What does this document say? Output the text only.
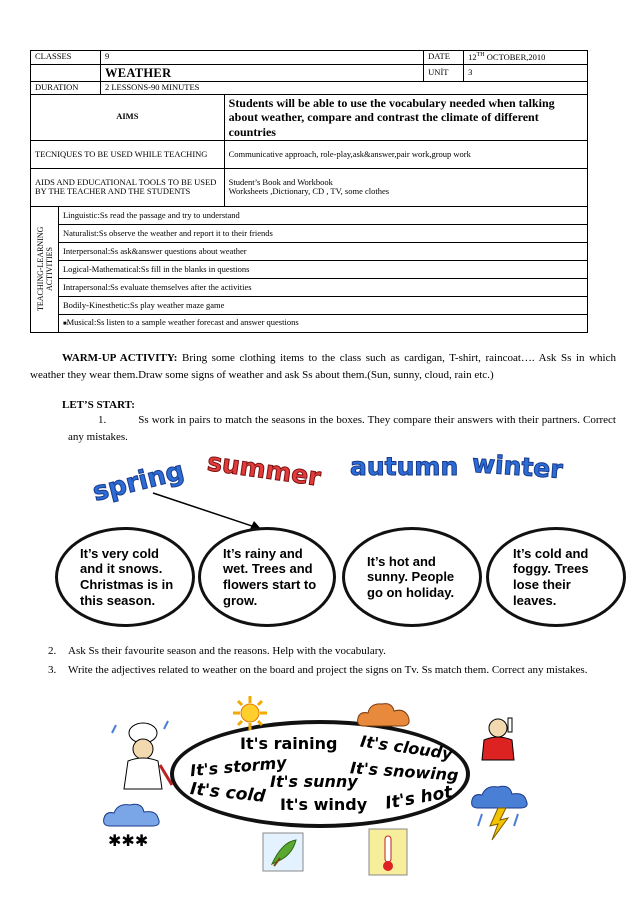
CLASSES		9		DATE	12TH OCTOBER,2010
		WEATHER		UNİT	3
DURATION		2 LESSONS-90 MINUTES			
AIMS			Students will be able to use the vocabulary needed when talking about weather, compare and contrast the climate of different countries		
TECNIQUES TO BE USED WHILE TEACHING			Communicative approach, role-play,ask&answer,pair work,group work		
AIDS AND EDUCATIONAL TOOLS TO BE USED BY THE TEACHER AND THE STUDENTS			Student’s Book and Workbook
Worksheets ,Dictionary, CD , TV, some clothes		

TEACHING-LEARNING
ACTIVITIES	Linguistic:Ss read the passage and try to understand				
	Naturalist:Ss observe the weather and report it to their friends				
	Interpersonal:Ss ask&answer questions about weather				
	Logical-Mathematical:Ss fill in the blanks in questions				
	Intrapersonal:Ss evaluate themselves after the activities				
	Bodily-Kinesthetic:Ss play weather maze game				
	■Musical:Ss listen to a sample weather forecast and answer questions				

WARM-UP ACTIVITY: Bring some clothing items to the class such as cardigan, T-shirt, raincoat…. Ask Ss in which weather they wear them.Draw some signs of weather and ask Ss about them.(Sun, sunny, cloud, rain etc.)

LET’S START:

1.	Ss work in pairs to match the seasons in the boxes. They compare their answers with their partners. Correct any mistakes.

spring summer autumn winter
It’s very cold and it snows. Christmas is in this season.
It’s rainy and wet. Trees and flowers start to grow.
It’s hot and sunny. People go on holiday.
It’s cold and foggy. Trees lose their leaves.
2. Ask Ss their favourite season and the reasons. Help with the vocabulary.
3. Write the adjectives related to weather on the board and project the signs on Tv. Ss match them. Correct any mistakes.
It's raining It's cloudy
It's stormy	It's snowing
It's sunny
It's cold It's windy It's hot
✱✱✱
